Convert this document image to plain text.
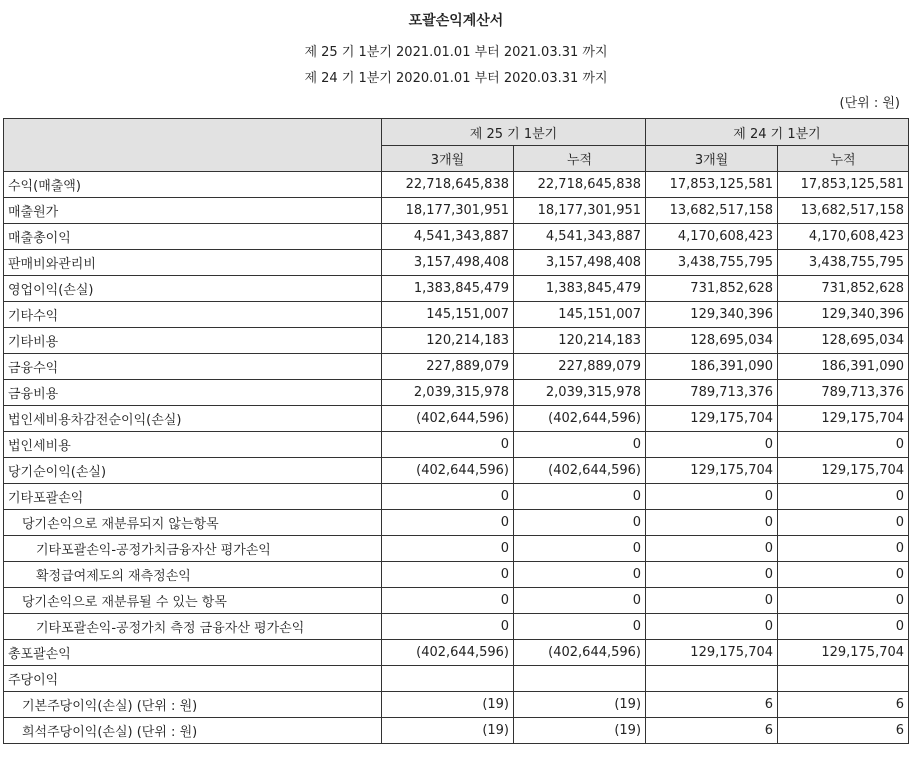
포괄손익계산서
제 25 기 1분기 2021.01.01 부터 2021.03.31 까지
제 24 기 1분기 2020.01.01 부터 2020.03.31 까지
(단위 : 원)
	제 25 기 1분기		제 24 기 1분기	
	3개월	누적	3개월	누적
수익(매출액)	22,718,645,838	22,718,645,838	17,853,125,581	17,853,125,581
매출원가	18,177,301,951	18,177,301,951	13,682,517,158	13,682,517,158
매출총이익	4,541,343,887	4,541,343,887	4,170,608,423	4,170,608,423
판매비와관리비	3,157,498,408	3,157,498,408	3,438,755,795	3,438,755,795
영업이익(손실)	1,383,845,479	1,383,845,479	731,852,628	731,852,628
기타수익	145,151,007	145,151,007	129,340,396	129,340,396
기타비용	120,214,183	120,214,183	128,695,034	128,695,034
금융수익	227,889,079	227,889,079	186,391,090	186,391,090
금융비용	2,039,315,978	2,039,315,978	789,713,376	789,713,376
법인세비용차감전순이익(손실)	(402,644,596)	(402,644,596)	129,175,704	129,175,704
법인세비용	0	0	0	0
당기순이익(손실)	(402,644,596)	(402,644,596)	129,175,704	129,175,704
기타포괄손익	0	0	0	0
당기손익으로 재분류되지 않는항목	0	0	0	0
기타포괄손익-공정가치금융자산 평가손익	0	0	0	0
확정급여제도의 재측정손익	0	0	0	0
당기손익으로 재분류될 수 있는 항목	0	0	0	0
기타포괄손익-공정가치 측정 금융자산 평가손익	0	0	0	0
총포괄손익	(402,644,596)	(402,644,596)	129,175,704	129,175,704
주당이익				
기본주당이익(손실) (단위 : 원)	(19)	(19)	6	6
희석주당이익(손실) (단위 : 원)	(19)	(19)	6	6
